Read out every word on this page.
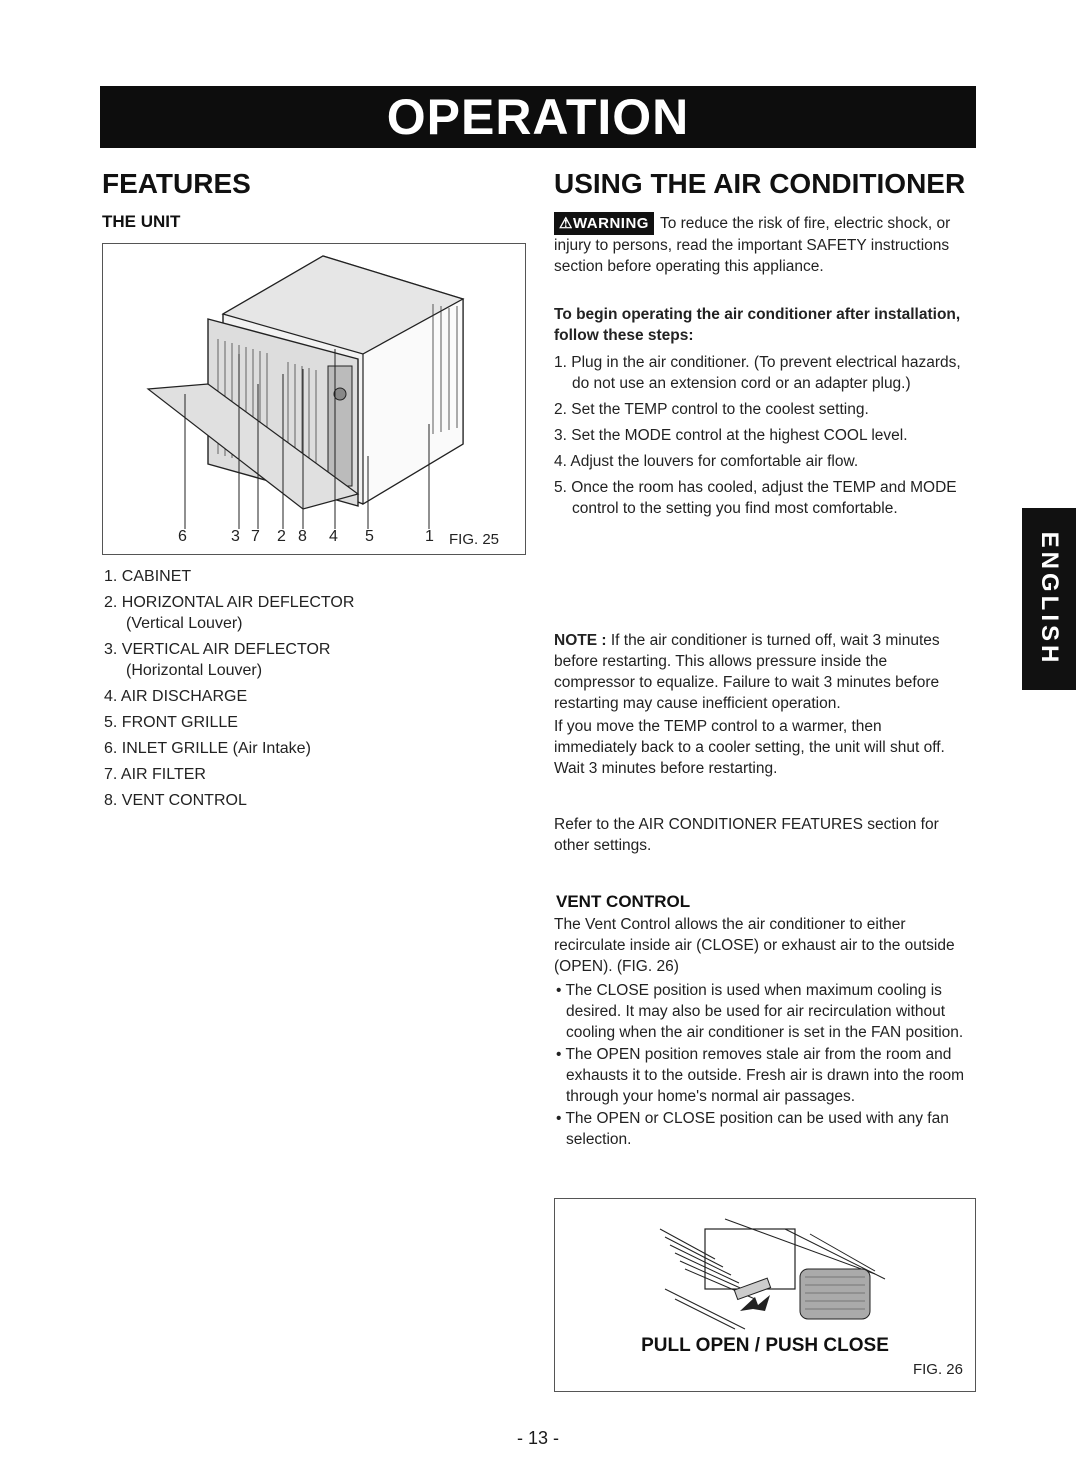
OPERATION
FEATURES
THE UNIT
6	3 7 2 8 4 5	1 FIG. 25
1. CABINET
2. HORIZONTAL AIR DEFLECTOR
(Vertical Louver)
3. VERTICAL AIR DEFLECTOR
(Horizontal Louver)
4. AIR DISCHARGE
5. FRONT GRILLE
6. INLET GRILLE (Air Intake)
7. AIR FILTER
8. VENT CONTROL
USING THE AIR CONDITIONER

⚠WARNING To reduce the risk of fire, electric shock, or injury to persons, read the important SAFETY instructions section before operating this appliance.

To begin operating the air conditioner after installation, follow these steps:

1. Plug in the air conditioner. (To prevent electrical hazards, do not use an extension cord or an adapter plug.)
2. Set the TEMP control to the coolest setting.
3. Set the MODE control at the highest COOL level.
4. Adjust the louvers for comfortable air flow.
5. Once the room has cooled, adjust the TEMP and MODE control to the setting you find most comfortable.

NOTE : If the air conditioner is turned off, wait 3 minutes before restarting. This allows pressure inside the compressor to equalize. Failure to wait 3 minutes before restarting may cause inefficient operation.

If you move the TEMP control to a warmer, then immediately back to a cooler setting, the unit will shut off. Wait 3 minutes before restarting.

Refer to the AIR CONDITIONER FEATURES section for other settings.

VENT CONTROL

The Vent Control allows the air conditioner to either recirculate inside air (CLOSE) or exhaust air to the outside (OPEN). (FIG. 26)

• The CLOSE position is used when maximum cooling is desired. It may also be used for air recirculation without cooling when the air conditioner is set in the FAN position.
• The OPEN position removes stale air from the room and exhausts it to the outside. Fresh air is drawn into the room through your home's normal air passages.
• The OPEN or CLOSE position can be used with any fan selection.
PULL OPEN / PUSH CLOSE
FIG. 26
ENGLISH
- 13 -
